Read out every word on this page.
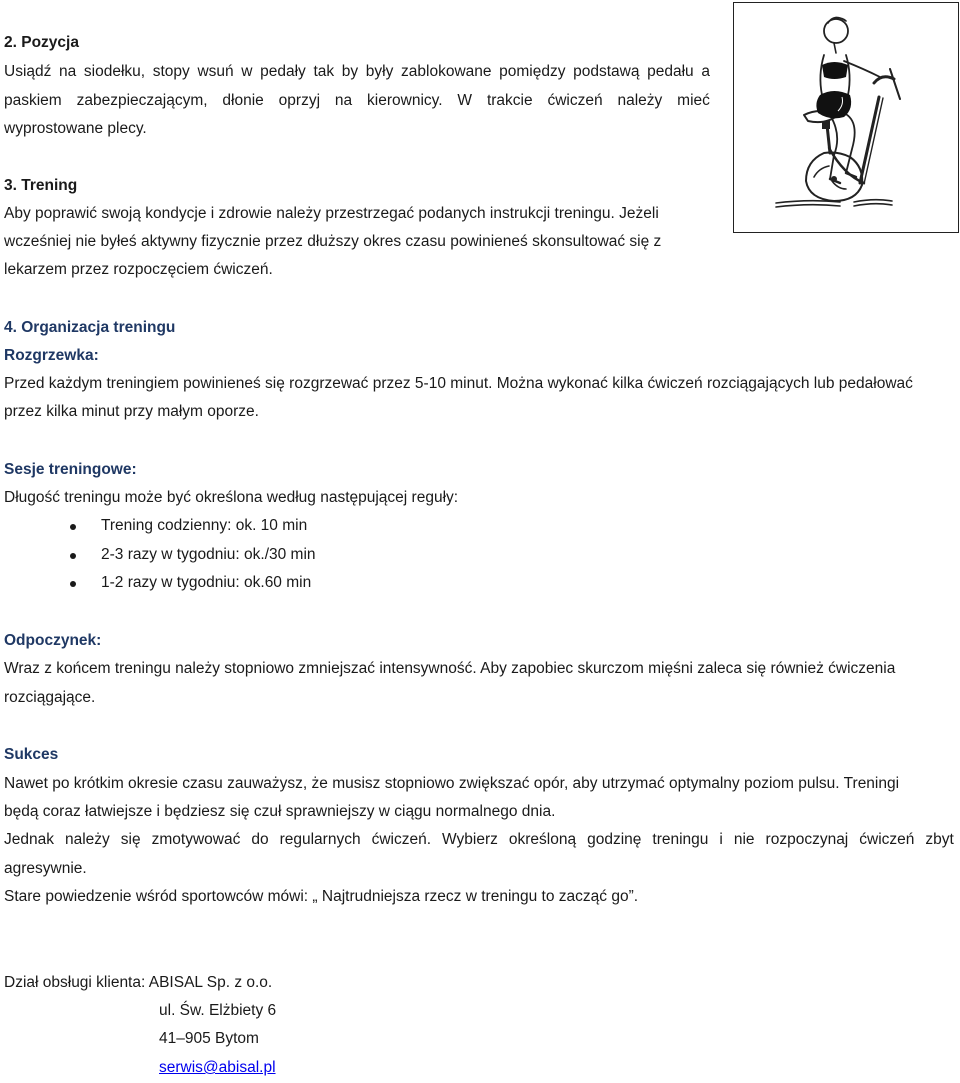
2. Pozycja
Usiądź na siodełku, stopy wsuń w pedały tak by były zablokowane pomiędzy podstawą pedału a
paskiem zabezpieczającym, dłonie oprzyj na kierownicy. W trakcie ćwiczeń należy mieć
wyprostowane plecy.
3. Trening
Aby poprawić swoją kondycje i zdrowie należy przestrzegać podanych instrukcji treningu. Jeżeli
wcześniej nie byłeś aktywny fizycznie przez dłuższy okres czasu powinieneś skonsultować się z
lekarzem przez rozpoczęciem ćwiczeń.
4. Organizacja treningu
Rozgrzewka:
Przed każdym treningiem powinieneś się rozgrzewać przez 5-10 minut. Można wykonać kilka ćwiczeń rozciągających lub pedałować
przez kilka minut przy małym oporze.
Sesje treningowe:
Długość treningu może być określona według następującej reguły:
Trening codzienny: ok. 10 min
2-3 razy w tygodniu: ok./30 min
1-2 razy w tygodniu: ok.60 min
Odpoczynek:
Wraz z końcem treningu należy stopniowo zmniejszać intensywność. Aby zapobiec skurczom mięśni zaleca się również ćwiczenia
rozciągające.
Sukces
Nawet po krótkim okresie czasu zauważysz, że musisz stopniowo zwiększać opór, aby utrzymać optymalny poziom pulsu. Treningi
będą coraz łatwiejsze i będziesz się czuł sprawniejszy w ciągu normalnego dnia.
Jednak należy się zmotywować do regularnych ćwiczeń. Wybierz określoną godzinę treningu i nie rozpoczynaj ćwiczeń zbyt
agresywnie.
Stare powiedzenie wśród sportowców mówi: „ Najtrudniejsza rzecz w treningu to zacząć go”.
Dział obsługi klienta: ABISAL Sp. z o.o.
ul. Św. Elżbiety 6
41–905 Bytom
serwis@abisal.pl
